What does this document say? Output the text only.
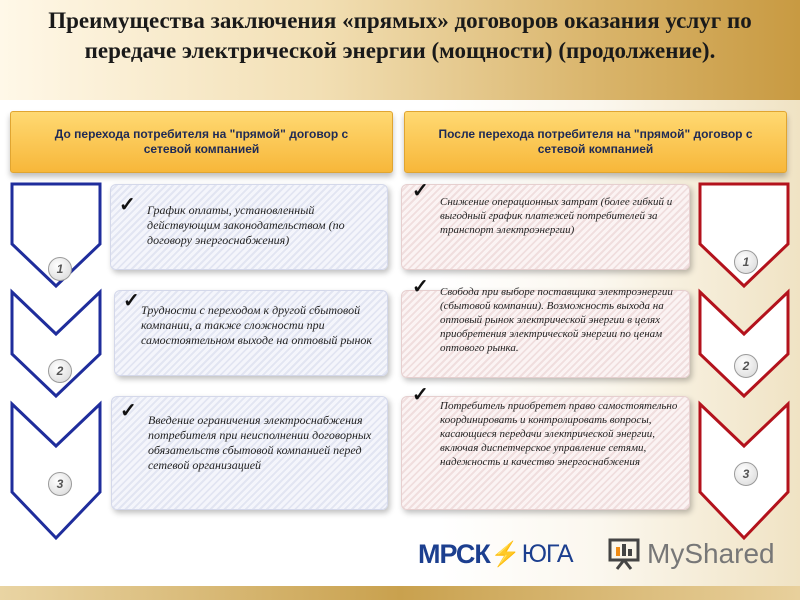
Преимущества заключения «прямых» договоров оказания услуг по передаче электрической энергии (мощности) (продолжение).
До перехода потребителя на "прямой" договор с сетевой компанией
После перехода потребителя на "прямой" договор с сетевой компанией
1
2
3
1
2
3
✓ График оплаты, установленный действующим законодательством (по договору энергоснабжения)
✓ Трудности с переходом к другой сбытовой компании, а также сложности при самостоятельном выходе на оптовый рынок
✓ Введение ограничения электроснабжения потребителя при неисполнении договорных обязательств сбытовой компанией перед сетевой организацией
✓ Снижение операционных затрат (более гибкий и выгодный график платежей потребителей за транспорт электроэнергии)
✓ Свобода при выборе поставщика электроэнергии (сбытовой компании). Возможность выхода на оптовый рынок электрической энергии в целях приобретения электрической энергии по ценам оптового рынка.
✓ Потребитель приобретет право самостоятельно координировать и контролировать вопросы, касающиеся передачи электрической энергии, включая диспетчерское управление сетями, надежность и качество энергоснабжения
МРСК ⚡ ЮГА	MyShared
